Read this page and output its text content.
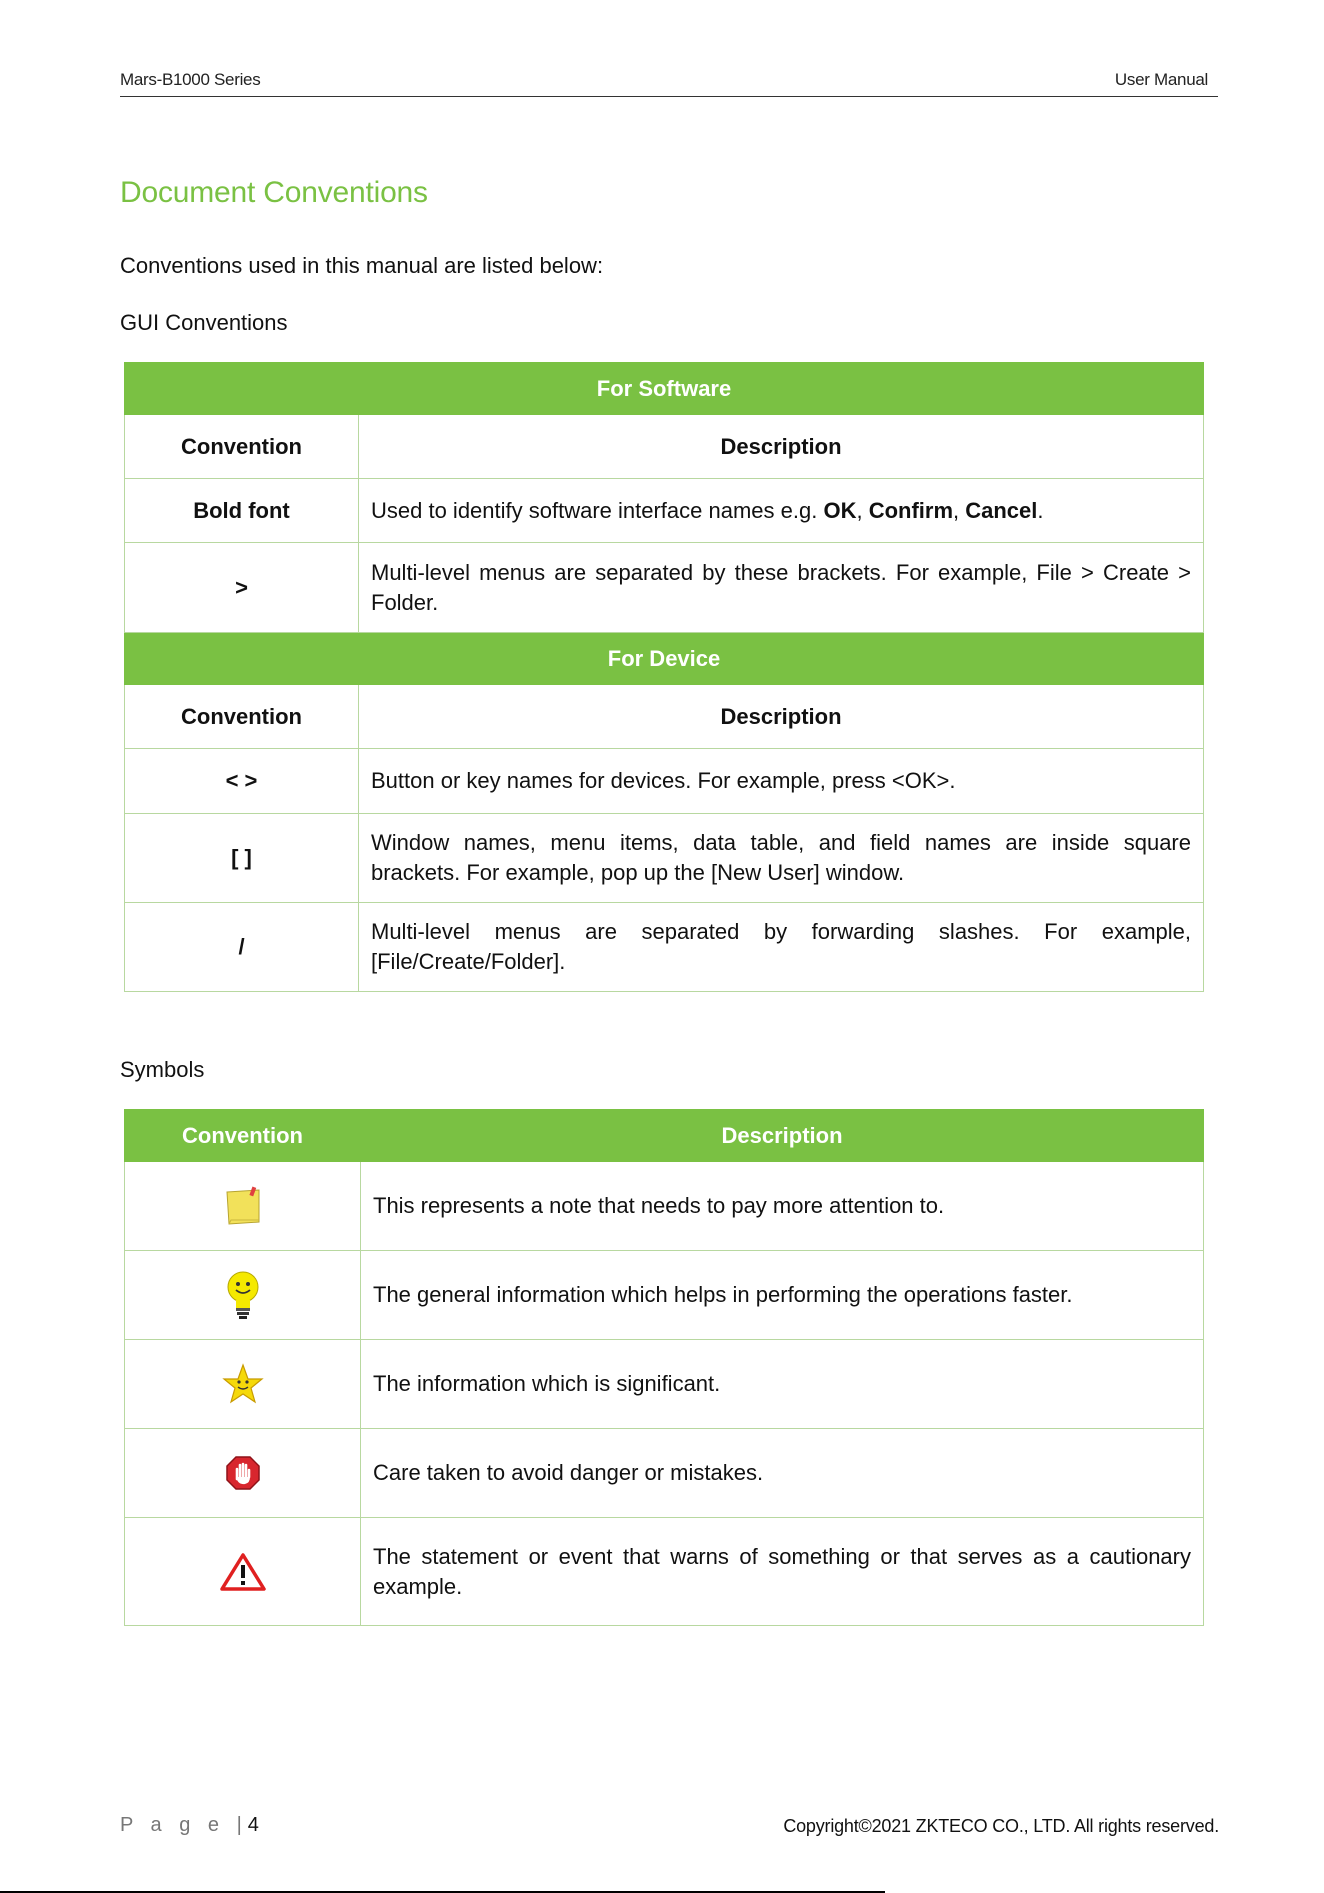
Mars-B1000 Series	User Manual
Document Conventions
Conventions used in this manual are listed below:
GUI Conventions
For Software	
Convention	Description
Bold font	Used to identify software interface names e.g. OK, Confirm, Cancel.
>	Multi-level menus are separated by these brackets. For example, File > Create > Folder.
For Device	
Convention	Description
< >	Button or key names for devices. For example, press <OK>.
[ ]	Window names, menu items, data table, and field names are inside square brackets. For example, pop up the [New User] window.
/	Multi-level menus are separated by forwarding slashes. For example, [File/Create/Folder].
Symbols
Convention	Description
	This represents a note that needs to pay more attention to.
	The general information which helps in performing the operations faster.
	The information which is significant.
	Care taken to avoid danger or mistakes.
	The statement or event that warns of something or that serves as a cautionary example.
P a g e |4	Copyright©2021 ZKTECO CO., LTD. All rights reserved.
